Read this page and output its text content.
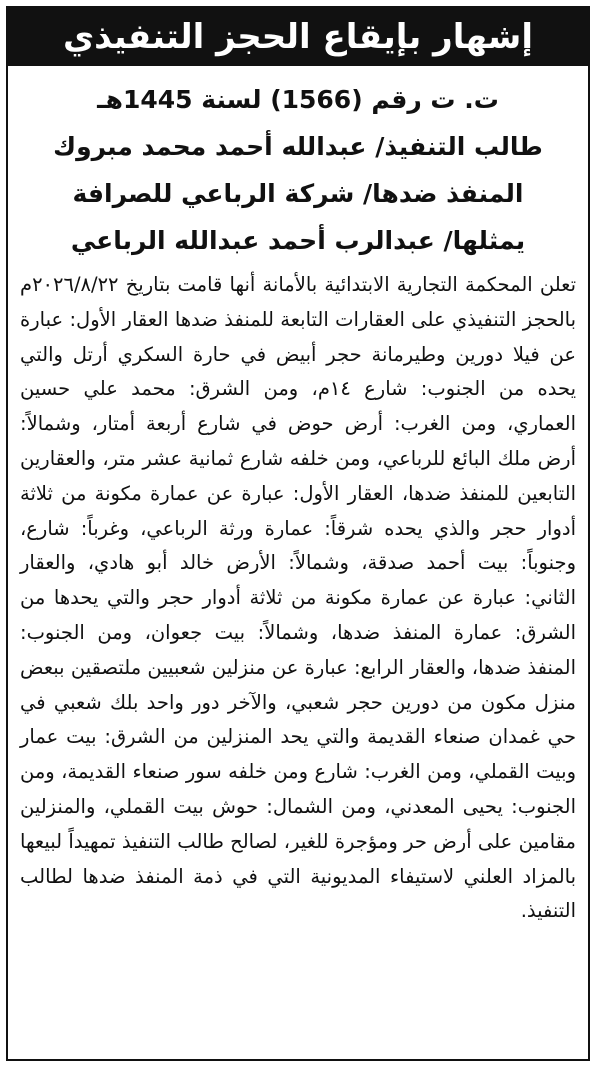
إشهار بإيقاع الحجز التنفيذي
ت. ت رقم (1566) لسنة 1445هـ
طالب التنفيذ/ عبدالله أحمد محمد مبروك
المنفذ ضدها/ شركة الرباعي للصرافة
يمثلها/ عبدالرب أحمد عبدالله الرباعي
تعلن المحكمة التجارية الابتدائية بالأمانة أنها قامت بتاريخ ٢٠٢٦/٨/٢٢م بالحجز التنفيذي على العقارات التابعة للمنفذ ضدها العقار الأول: عبارة عن فيلا دورين وطيرمانة حجر أبيض في حارة السكري أرتل والتي يحده من الجنوب: شارع ١٤م، ومن الشرق: محمد علي حسين العماري، ومن الغرب: أرض حوض في شارع أربعة أمتار، وشمالاً: أرض ملك البائع للرباعي، ومن خلفه شارع ثمانية عشر متر، والعقارين التابعين للمنفذ ضدها، العقار الأول: عبارة عن عمارة مكونة من ثلاثة أدوار حجر والذي يحده شرقاً: عمارة ورثة الرباعي، وغرباً: شارع، وجنوباً: بيت أحمد صدقة، وشمالاً: الأرض خالد أبو هادي، والعقار الثاني: عبارة عن عمارة مكونة من ثلاثة أدوار حجر والتي يحدها من الشرق: عمارة المنفذ ضدها، وشمالاً: بيت جعوان، ومن الجنوب: المنفذ ضدها، والعقار الرابع: عبارة عن منزلين شعبيين ملتصقين ببعض منزل مكون من دورين حجر شعبي، والآخر دور واحد بلك شعبي في حي غمدان صنعاء القديمة والتي يحد المنزلين من الشرق: بيت عمار وبيت القملي، ومن الغرب: شارع ومن خلفه سور صنعاء القديمة، ومن الجنوب: يحيى المعدني، ومن الشمال: حوش بيت القملي، والمنزلين مقامين على أرض حر ومؤجرة للغير، لصالح طالب التنفيذ تمهيداً لبيعها بالمزاد العلني لاستيفاء المديونية التي في ذمة المنفذ ضدها لطالب التنفيذ.
